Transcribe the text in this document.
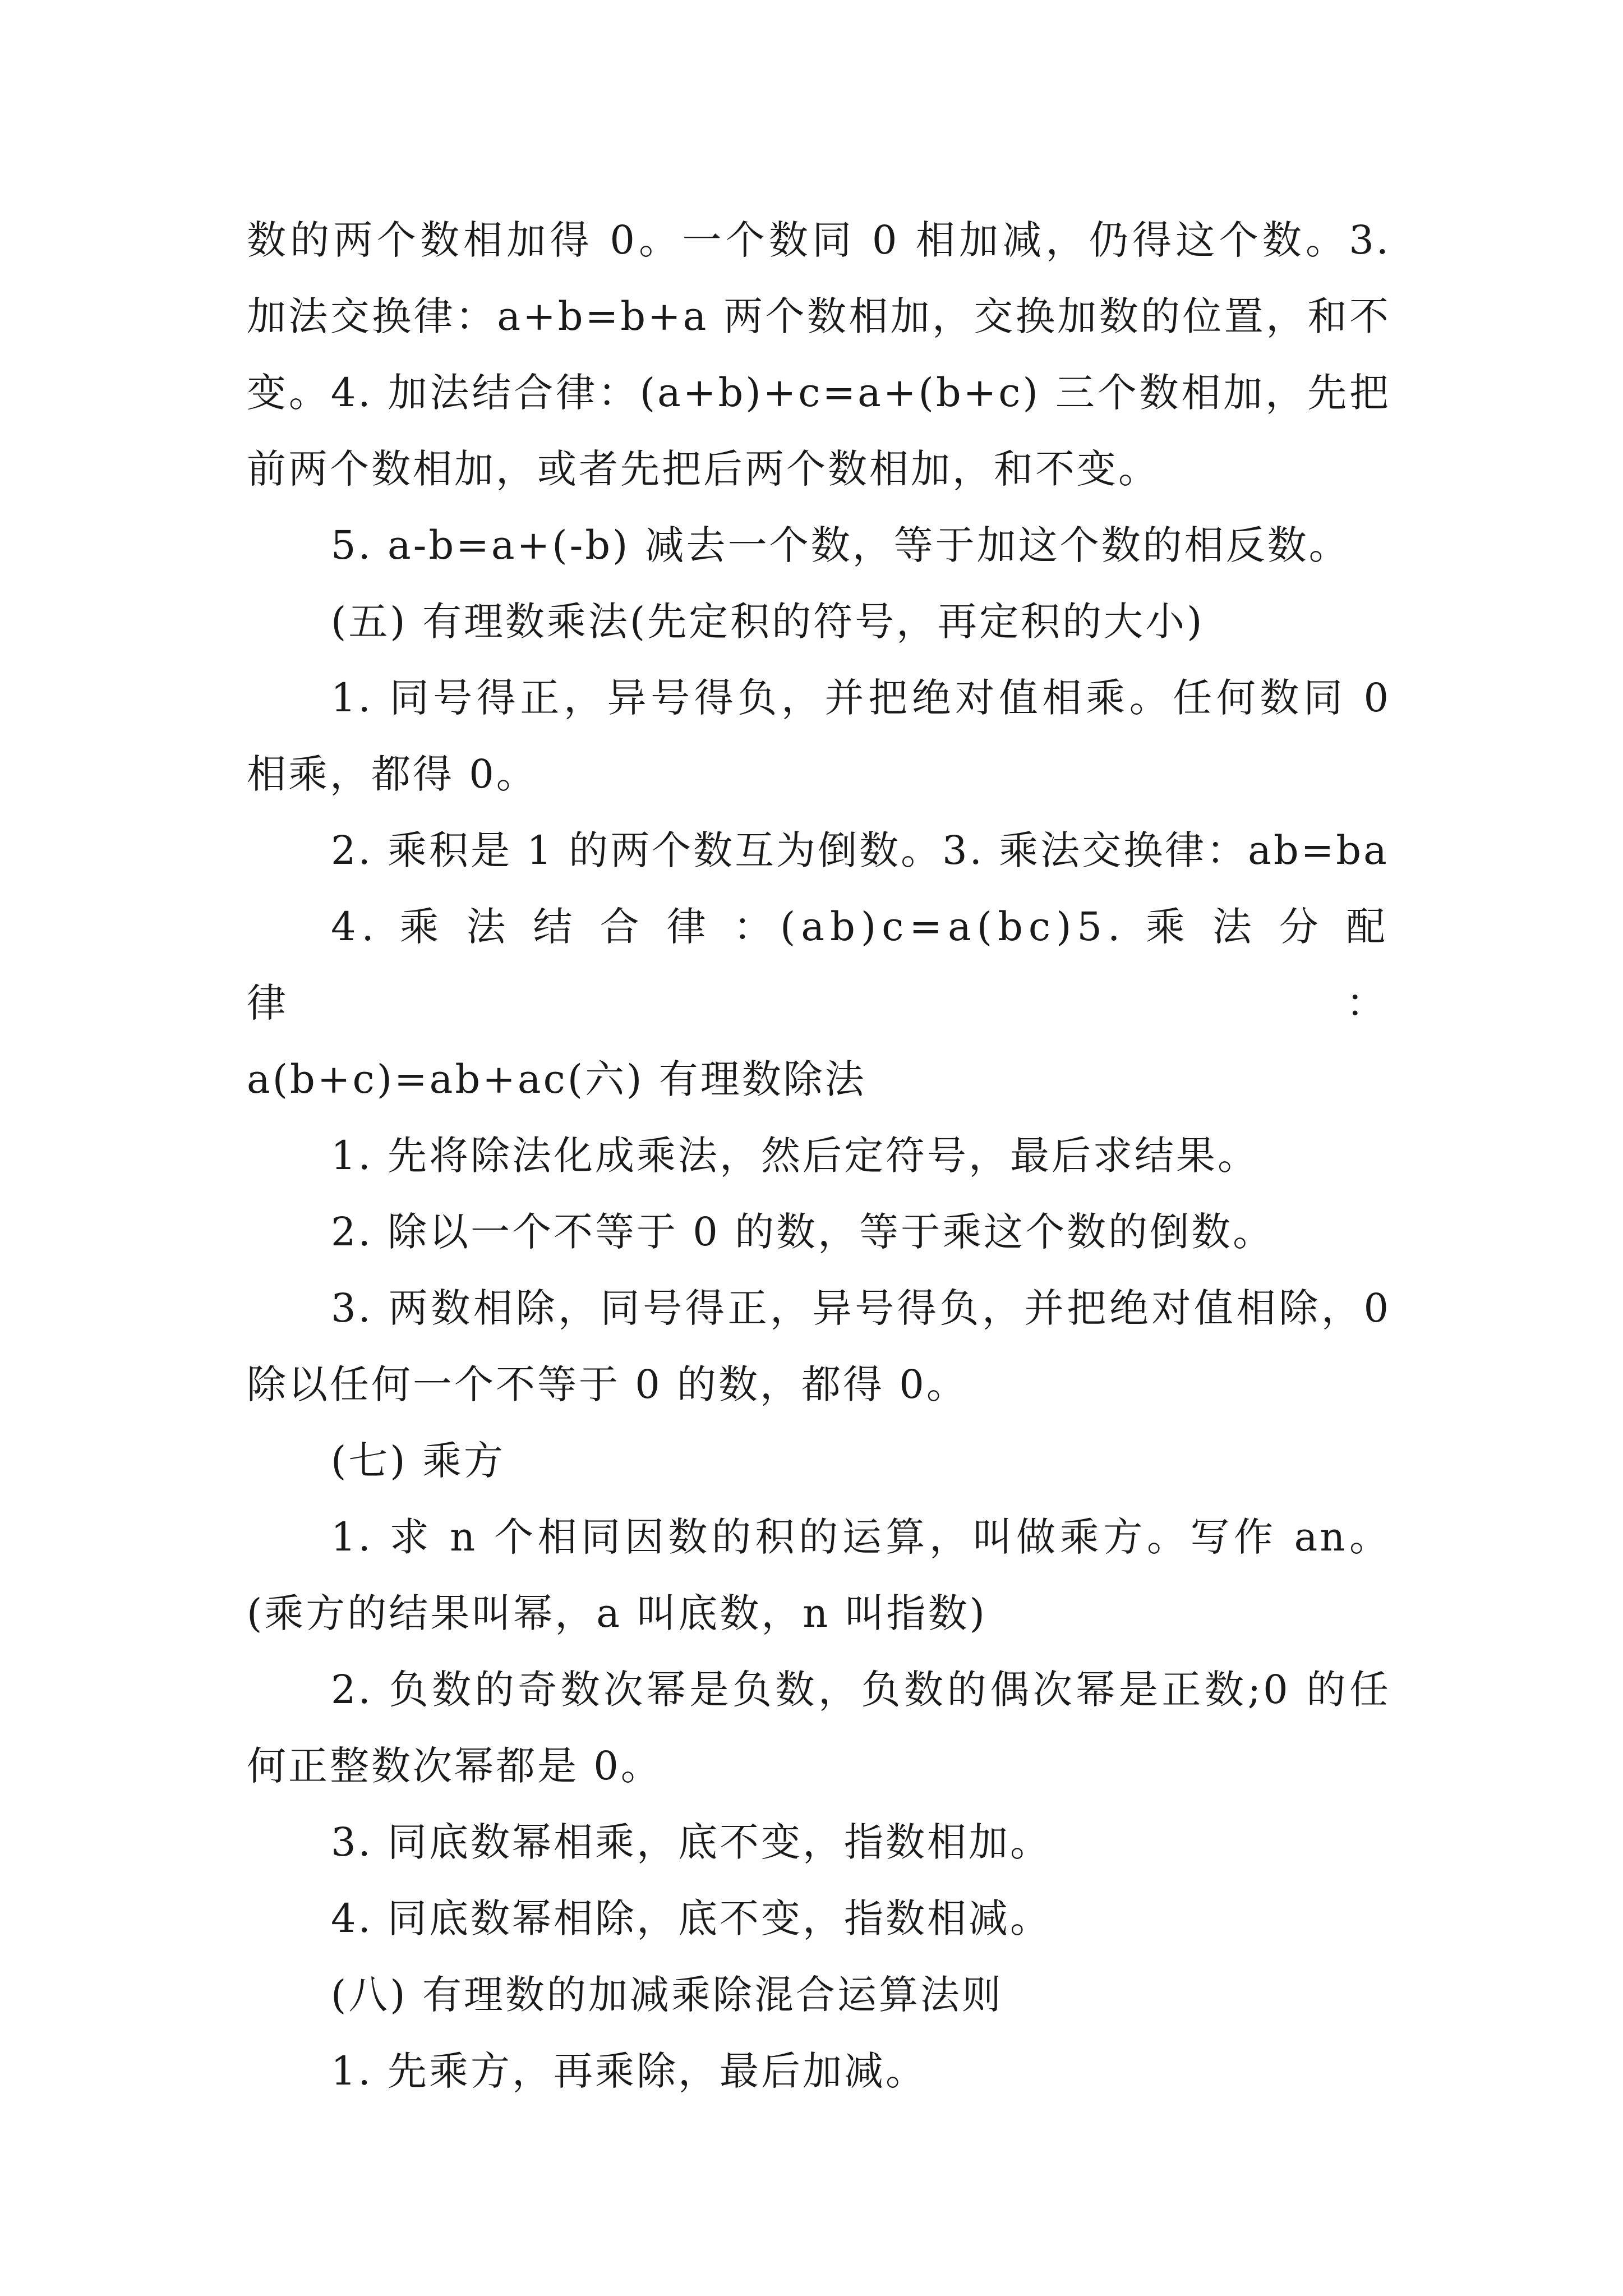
数的两个数相加得 0。一个数同 0 相加减，仍得这个数。3. 加法交换律：a+b=b+a 两个数相加，交换加数的位置，和不变。4. 加法结合律：(a+b)+c=a+(b+c) 三个数相加，先把前两个数相加，或者先把后两个数相加，和不变。

5. a-b=a+(-b) 减去一个数，等于加这个数的相反数。

(五) 有理数乘法(先定积的符号，再定积的大小)

1. 同号得正，异号得负，并把绝对值相乘。任何数同 0 相乘，都得 0。

2. 乘积是 1 的两个数互为倒数。3. 乘法交换律：ab=ba

4. 乘 法 结 合 律 ：(ab)c=a(bc)5. 乘 法 分 配 律 ：

a(b+c)=ab+ac(六) 有理数除法

1. 先将除法化成乘法，然后定符号，最后求结果。

2. 除以一个不等于 0 的数，等于乘这个数的倒数。

3. 两数相除，同号得正，异号得负，并把绝对值相除，0 除以任何一个不等于 0 的数，都得 0。

(七) 乘方

1. 求 n 个相同因数的积的运算，叫做乘方。写作 an。(乘方的结果叫幂，a 叫底数，n 叫指数)

2. 负数的奇数次幂是负数，负数的偶次幂是正数;0 的任何正整数次幂都是 0。

3. 同底数幂相乘，底不变，指数相加。

4. 同底数幂相除，底不变，指数相减。

(八) 有理数的加减乘除混合运算法则

1. 先乘方，再乘除，最后加减。
